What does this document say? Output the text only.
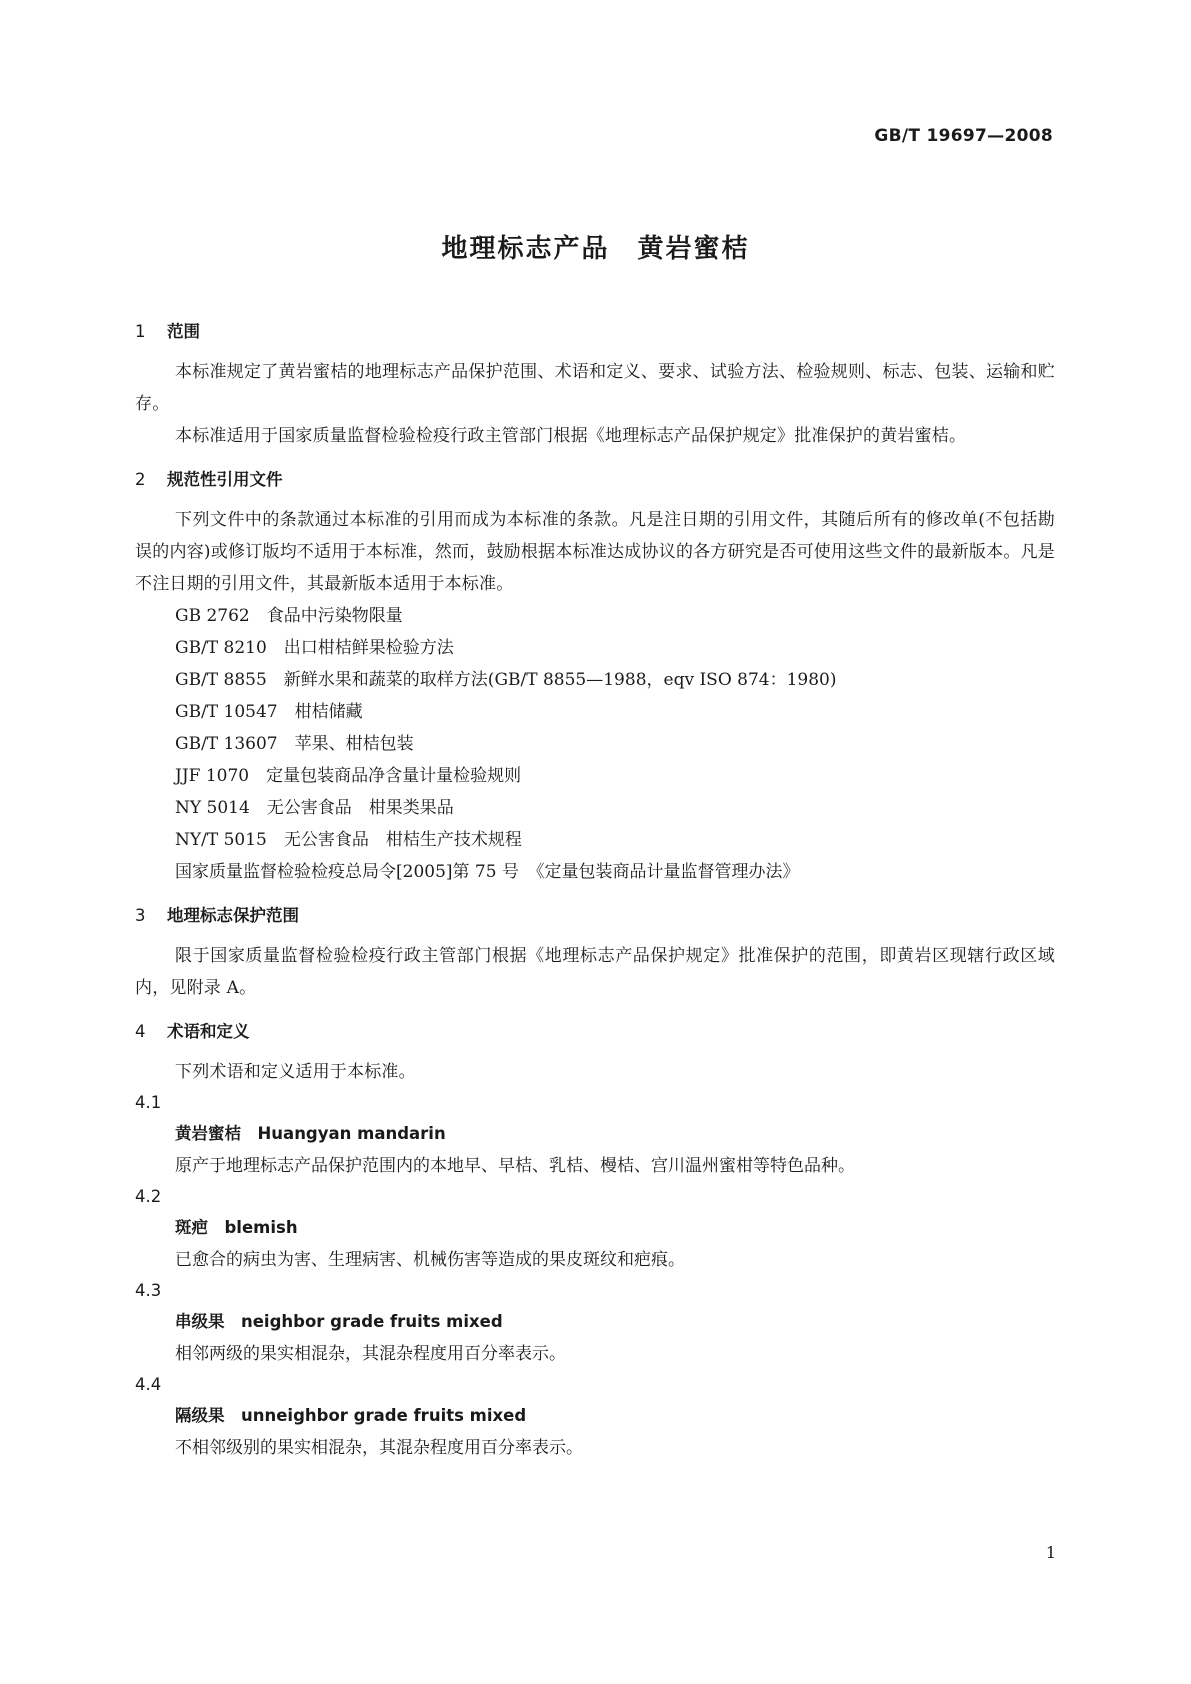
GB/T 19697—2008
地理标志产品　黄岩蜜桔

1 范围

本标准规定了黄岩蜜桔的地理标志产品保护范围、术语和定义、要求、试验方法、检验规则、标志、包装、运输和贮存。

本标准适用于国家质量监督检验检疫行政主管部门根据《地理标志产品保护规定》批准保护的黄岩蜜桔。

2 规范性引用文件

下列文件中的条款通过本标准的引用而成为本标准的条款。凡是注日期的引用文件，其随后所有的修改单(不包括勘误的内容)或修订版均不适用于本标准，然而，鼓励根据本标准达成协议的各方研究是否可使用这些文件的最新版本。凡是不注日期的引用文件，其最新版本适用于本标准。

GB 2762　食品中污染物限量

GB/T 8210　出口柑桔鲜果检验方法

GB/T 8855　新鲜水果和蔬菜的取样方法(GB/T 8855—1988，eqv ISO 874：1980)

GB/T 10547　柑桔储藏

GB/T 13607　苹果、柑桔包装

JJF 1070　定量包装商品净含量计量检验规则

NY 5014　无公害食品　柑果类果品

NY/T 5015　无公害食品　柑桔生产技术规程

国家质量监督检验检疫总局令[2005]第 75 号　《定量包装商品计量监督管理办法》

3 地理标志保护范围

限于国家质量监督检验检疫行政主管部门根据《地理标志产品保护规定》批准保护的范围，即黄岩区现辖行政区域内，见附录 A。

4 术语和定义

下列术语和定义适用于本标准。

4.1

黄岩蜜桔　Huangyan mandarin

原产于地理标志产品保护范围内的本地早、早桔、乳桔、槾桔、宫川温州蜜柑等特色品种。

4.2

斑疤　blemish

已愈合的病虫为害、生理病害、机械伤害等造成的果皮斑纹和疤痕。

4.3

串级果　neighbor grade fruits mixed

相邻两级的果实相混杂，其混杂程度用百分率表示。

4.4

隔级果　unneighbor grade fruits mixed

不相邻级别的果实相混杂，其混杂程度用百分率表示。

1
